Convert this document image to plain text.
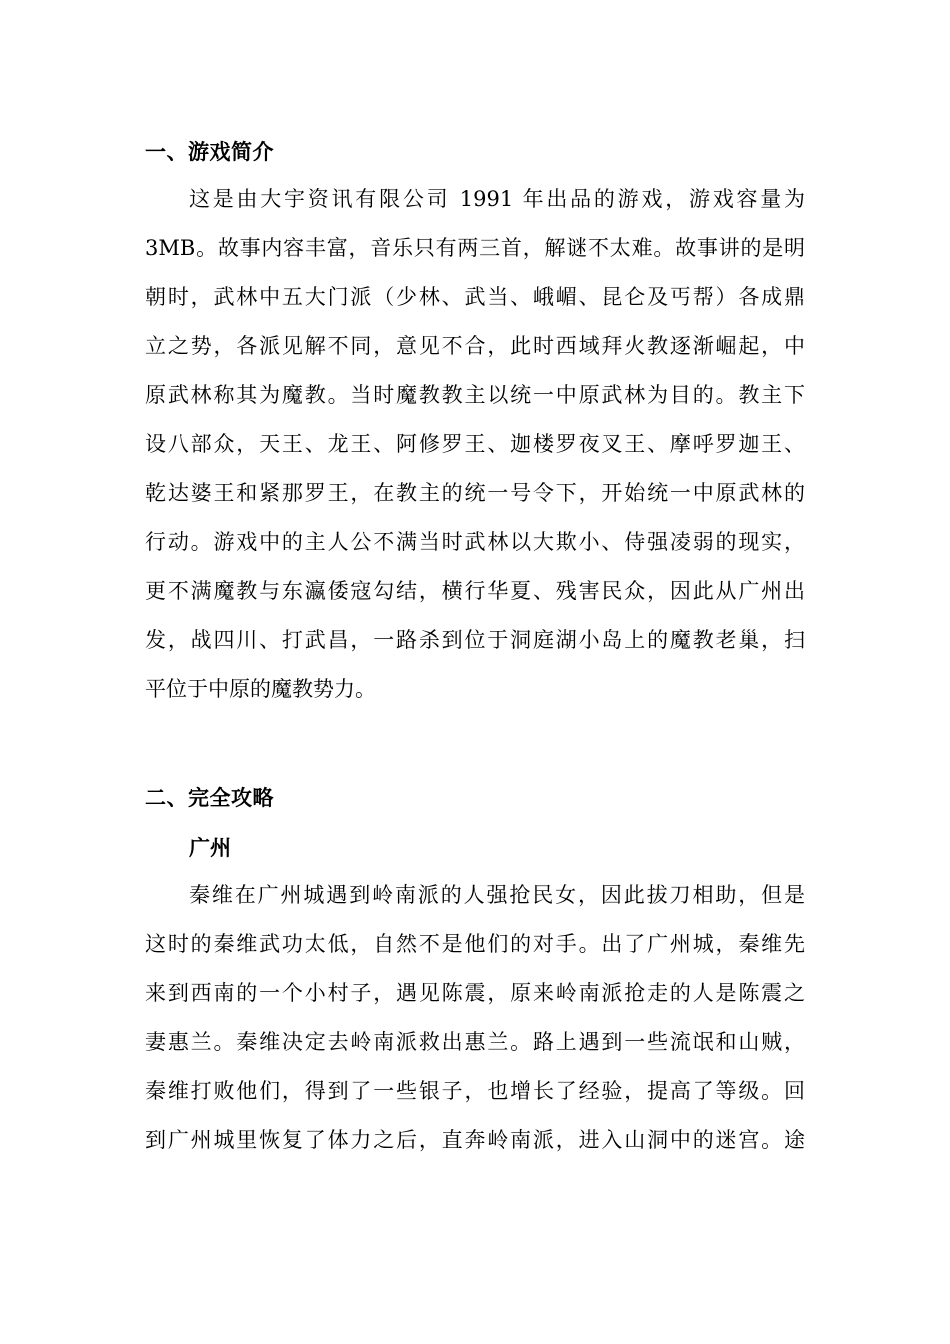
一、游戏简介

这是由大宇资讯有限公司 1991 年出品的游戏，游戏容量为
3MB。故事内容丰富，音乐只有两三首，解谜不太难。故事讲的是明
朝时，武林中五大门派（少林、武当、峨嵋、昆仑及丐帮）各成鼎
立之势，各派见解不同，意见不合，此时西域拜火教逐渐崛起，中
原武林称其为魔教。当时魔教教主以统一中原武林为目的。教主下
设八部众，天王、龙王、阿修罗王、迦楼罗夜叉王、摩呼罗迦王、
乾达婆王和紧那罗王，在教主的统一号令下，开始统一中原武林的
行动。游戏中的主人公不满当时武林以大欺小、侍强凌弱的现实，
更不满魔教与东瀛倭寇勾结，横行华夏、残害民众，因此从广州出
发，战四川、打武昌，一路杀到位于洞庭湖小岛上的魔教老巢，扫
平位于中原的魔教势力。

二、完全攻略
广州

秦维在广州城遇到岭南派的人强抢民女，因此拔刀相助，但是
这时的秦维武功太低，自然不是他们的对手。出了广州城，秦维先
来到西南的一个小村子，遇见陈震，原来岭南派抢走的人是陈震之
妻惠兰。秦维决定去岭南派救出惠兰。路上遇到一些流氓和山贼，
秦维打败他们，得到了一些银子，也增长了经验，提高了等级。回
到广州城里恢复了体力之后，直奔岭南派，进入山洞中的迷宫。途
